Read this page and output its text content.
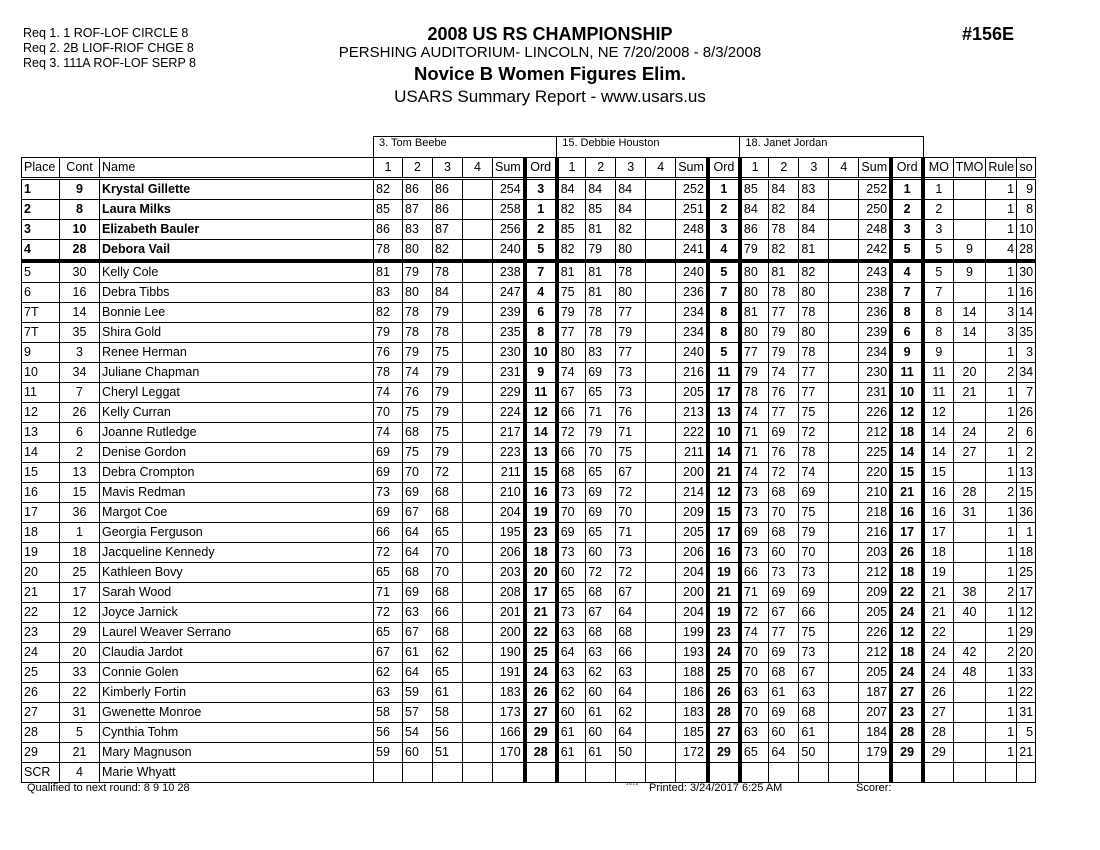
Req 1. 1 ROF-LOF CIRCLE 8
Req 2. 2B LIOF-RIOF CHGE 8
Req 3. 111A ROF-LOF SERP 8
2008 US RS CHAMPIONSHIP
PERSHING AUDITORIUM- LINCOLN, NE 7/20/2008 - 8/3/2008
Novice B Women Figures Elim.
USARS Summary Report - www.usars.us
#156E
			3. Tom Beebe						15. Debbie Houston						18. Janet Jordan									
Place	Cont	Name	1	2	3	4	Sum	Ord	1	2	3	4	Sum	Ord	1	2	3	4	Sum	Ord	MO	TMO	Rule	so
1	9	Krystal Gillette	82	86	86		254	3	84	84	84		252	1	85	84	83		252	1	1		1	9
2	8	Laura Milks	85	87	86		258	1	82	85	84		251	2	84	82	84		250	2	2		1	8
3	10	Elizabeth Bauler	86	83	87		256	2	85	81	82		248	3	86	78	84		248	3	3		1	10
4	28	Debora Vail	78	80	82		240	5	82	79	80		241	4	79	82	81		242	5	5	9	4	28
5	30	Kelly Cole	81	79	78		238	7	81	81	78		240	5	80	81	82		243	4	5	9	1	30
6	16	Debra Tibbs	83	80	84		247	4	75	81	80		236	7	80	78	80		238	7	7		1	16
7T	14	Bonnie Lee	82	78	79		239	6	79	78	77		234	8	81	77	78		236	8	8	14	3	14
7T	35	Shira Gold	79	78	78		235	8	77	78	79		234	8	80	79	80		239	6	8	14	3	35
9	3	Renee Herman	76	79	75		230	10	80	83	77		240	5	77	79	78		234	9	9		1	3
10	34	Juliane Chapman	78	74	79		231	9	74	69	73		216	11	79	74	77		230	11	11	20	2	34
11	7	Cheryl Leggat	74	76	79		229	11	67	65	73		205	17	78	76	77		231	10	11	21	1	7
12	26	Kelly Curran	70	75	79		224	12	66	71	76		213	13	74	77	75		226	12	12		1	26
13	6	Joanne Rutledge	74	68	75		217	14	72	79	71		222	10	71	69	72		212	18	14	24	2	6
14	2	Denise Gordon	69	75	79		223	13	66	70	75		211	14	71	76	78		225	14	14	27	1	2
15	13	Debra Crompton	69	70	72		211	15	68	65	67		200	21	74	72	74		220	15	15		1	13
16	15	Mavis Redman	73	69	68		210	16	73	69	72		214	12	73	68	69		210	21	16	28	2	15
17	36	Margot Coe	69	67	68		204	19	70	69	70		209	15	73	70	75		218	16	16	31	1	36
18	1	Georgia Ferguson	66	64	65		195	23	69	65	71		205	17	69	68	79		216	17	17		1	1
19	18	Jacqueline Kennedy	72	64	70		206	18	73	60	73		206	16	73	60	70		203	26	18		1	18
20	25	Kathleen Bovy	65	68	70		203	20	60	72	72		204	19	66	73	73		212	18	19		1	25
21	17	Sarah Wood	71	69	68		208	17	65	68	67		200	21	71	69	69		209	22	21	38	2	17
22	12	Joyce Jarnick	72	63	66		201	21	73	67	64		204	19	72	67	66		205	24	21	40	1	12
23	29	Laurel Weaver Serrano	65	67	68		200	22	63	68	68		199	23	74	77	75		226	12	22		1	29
24	20	Claudia Jardot	67	61	62		190	25	64	63	66		193	24	70	69	73		212	18	24	42	2	20
25	33	Connie Golen	62	64	65		191	24	63	62	63		188	25	70	68	67		205	24	24	48	1	33
26	22	Kimberly Fortin	63	59	61		183	26	62	60	64		186	26	63	61	63		187	27	26		1	22
27	31	Gwenette Monroe	58	57	58		173	27	60	61	62		183	28	70	69	68		207	23	27		1	31
28	5	Cynthia Tohm	56	54	56		166	29	61	60	64		185	27	63	60	61		184	28	28		1	5
29	21	Mary Magnuson	59	60	51		170	28	61	61	50		172	29	65	64	50		179	29	29		1	21
SCR	4	Marie Whyatt																						
Qualified to next round: 8 9 10 28	3.6.1.8 Printed: 3/24/2017 6:25 AM	Scorer:
